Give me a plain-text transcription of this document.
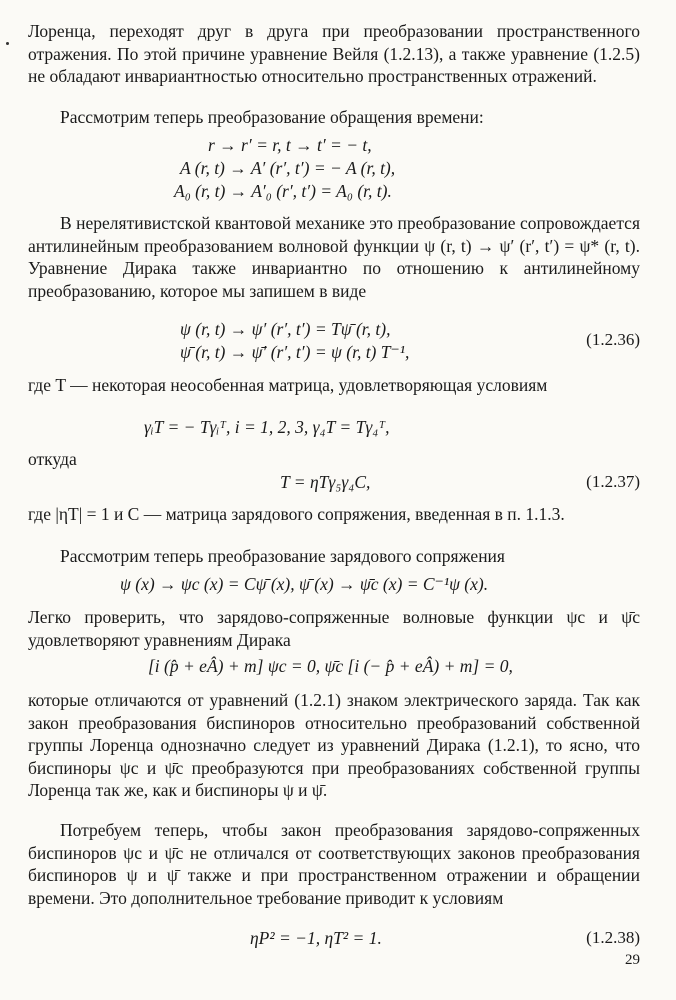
Лоренца, переходят друг в друга при преобразовании пространственного отражения. По этой причине уравнение Вейля (1.2.13), а также уравнение (1.2.5) не обладают инвариантностью относительно пространственных отражений.
Рассмотрим теперь преобразование обращения времени:
r → r′ = r, t → t′ = − t,
A (r, t) → A′ (r′, t′) = − A (r, t),
A₀ (r, t) → A′₀ (r′, t′) = A₀ (r, t).
В нерелятивистской квантовой механике это преобразование сопровождается антилинейным преобразованием волновой функции ψ (r, t) → ψ′ (r′, t′) = ψ* (r, t). Уравнение Дирака также инвариантно по отношению к антилинейному преобразованию, которое мы запишем в виде
ψ (r, t) → ψ′ (r′, t′) = Tψ̄ (r, t),
ψ̄ (r, t) → ψ̄′ (r′, t′) = ψ (r, t) T⁻¹,
(1.2.36)
где T — некоторая неособенная матрица, удовлетворяющая условиям
γᵢT = − Tγᵢᵀ, i = 1, 2, 3, γ₄T = Tγ₄ᵀ,
откуда
T = ηTγ₅γ₄C,	(1.2.37)
где |ηT| = 1 и C — матрица зарядового сопряжения, введенная в п. 1.1.3.
Рассмотрим теперь преобразование зарядового сопряжения
ψ (x) → ψc (x) = Cψ̄ (x), ψ̄ (x) → ψ̄c (x) = C⁻¹ψ (x).
Легко проверить, что зарядово-сопряженные волновые функции ψc и ψ̄c удовлетворяют уравнениям Дирака
[i (p̂ + eÂ) + m] ψc = 0, ψ̄c [i (− p̂ + eÂ) + m] = 0,
которые отличаются от уравнений (1.2.1) знаком электрического заряда. Так как закон преобразования биспиноров относительно преобразований собственной группы Лоренца однозначно следует из уравнений Дирака (1.2.1), то ясно, что биспиноры ψc и ψ̄c преобразуются при преобразованиях собственной группы Лоренца так же, как и биспиноры ψ и ψ̄.
Потребуем теперь, чтобы закон преобразования зарядово-сопряженных биспиноров ψc и ψ̄c не отличался от соответствующих законов преобразования биспиноров ψ и ψ̄ также и при пространственном отражении и обращении времени. Это дополнительное требование приводит к условиям
ηP² = −1, ηT² = 1.	(1.2.38)
29
